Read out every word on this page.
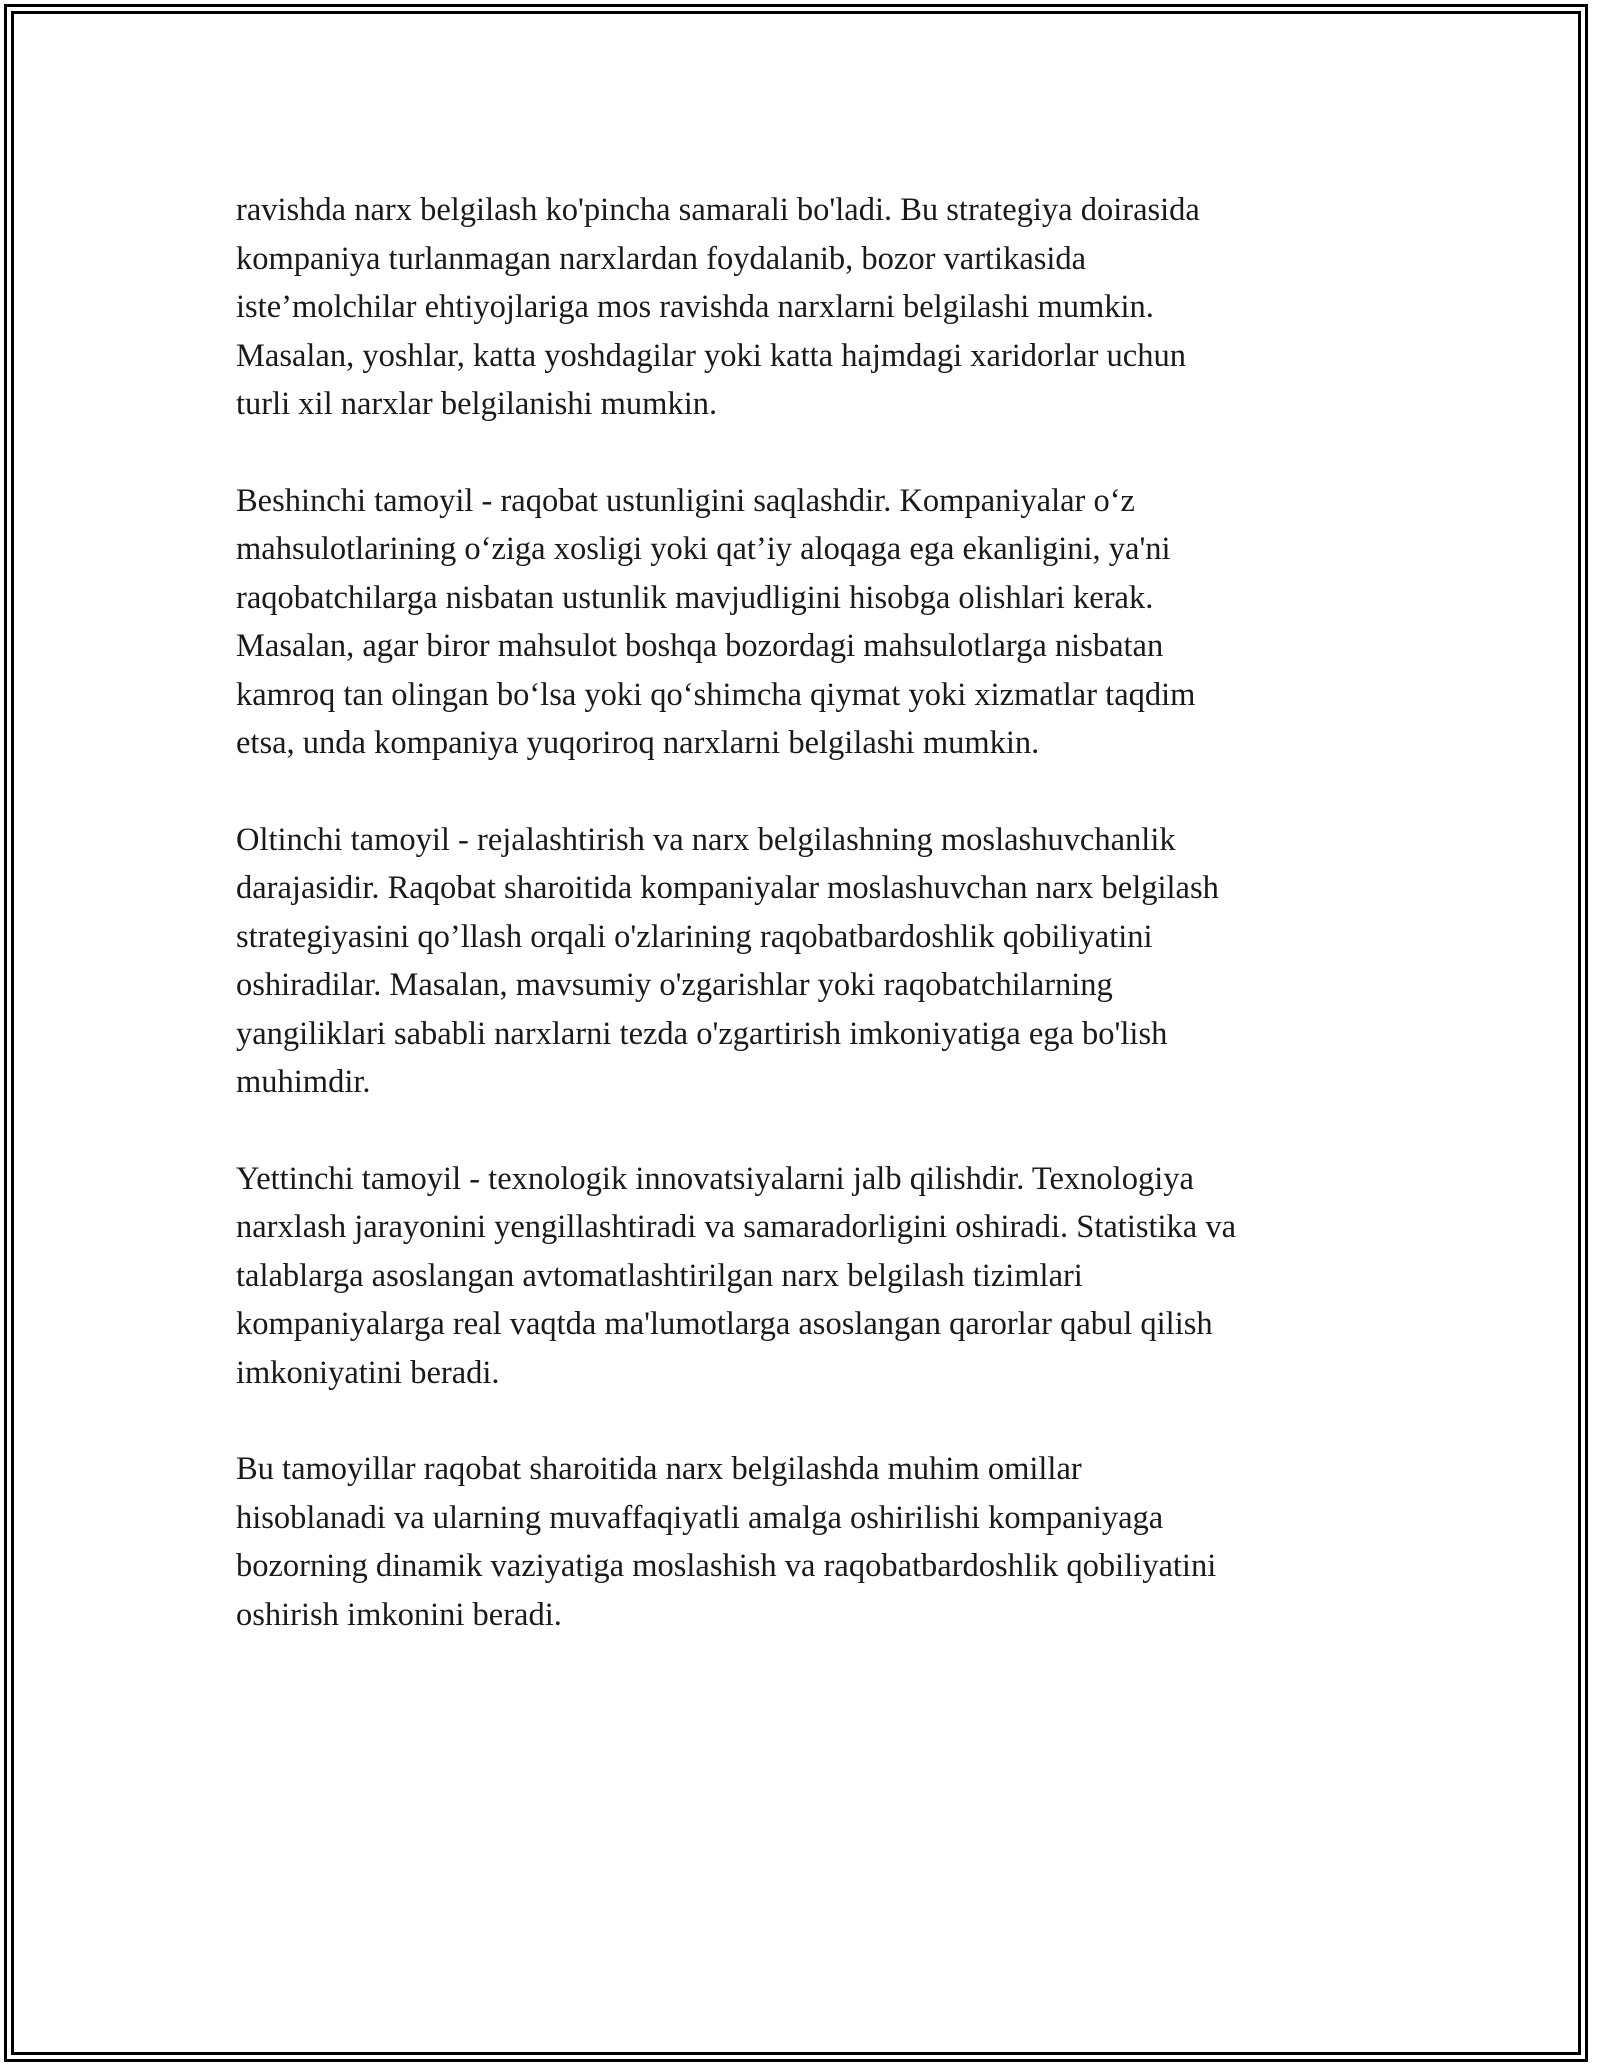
ravishda narx belgilash ko'pincha samarali bo'ladi. Bu strategiya doirasida
kompaniya turlanmagan narxlardan foydalanib, bozor vartikasida
iste’molchilar ehtiyojlariga mos ravishda narxlarni belgilashi mumkin.
Masalan, yoshlar, katta yoshdagilar yoki katta hajmdagi xaridorlar uchun
turli xil narxlar belgilanishi mumkin.

Beshinchi tamoyil - raqobat ustunligini saqlashdir. Kompaniyalar o‘z
mahsulotlarining o‘ziga xosligi yoki qat’iy aloqaga ega ekanligini, ya'ni
raqobatchilarga nisbatan ustunlik mavjudligini hisobga olishlari kerak.
Masalan, agar biror mahsulot boshqa bozordagi mahsulotlarga nisbatan
kamroq tan olingan bo‘lsa yoki qo‘shimcha qiymat yoki xizmatlar taqdim
etsa, unda kompaniya yuqoriroq narxlarni belgilashi mumkin.

Oltinchi tamoyil - rejalashtirish va narx belgilashning moslashuvchanlik
darajasidir. Raqobat sharoitida kompaniyalar moslashuvchan narx belgilash
strategiyasini qo’llash orqali o'zlarining raqobatbardoshlik qobiliyatini
oshiradilar. Masalan, mavsumiy o'zgarishlar yoki raqobatchilarning
yangiliklari sababli narxlarni tezda o'zgartirish imkoniyatiga ega bo'lish
muhimdir.

Yettinchi tamoyil - texnologik innovatsiyalarni jalb qilishdir. Texnologiya
narxlash jarayonini yengillashtiradi va samaradorligini oshiradi. Statistika va
talablarga asoslangan avtomatlashtirilgan narx belgilash tizimlari
kompaniyalarga real vaqtda ma'lumotlarga asoslangan qarorlar qabul qilish
imkoniyatini beradi.

Bu tamoyillar raqobat sharoitida narx belgilashda muhim omillar
hisoblanadi va ularning muvaffaqiyatli amalga oshirilishi kompaniyaga
bozorning dinamik vaziyatiga moslashish va raqobatbardoshlik qobiliyatini
oshirish imkonini beradi.
